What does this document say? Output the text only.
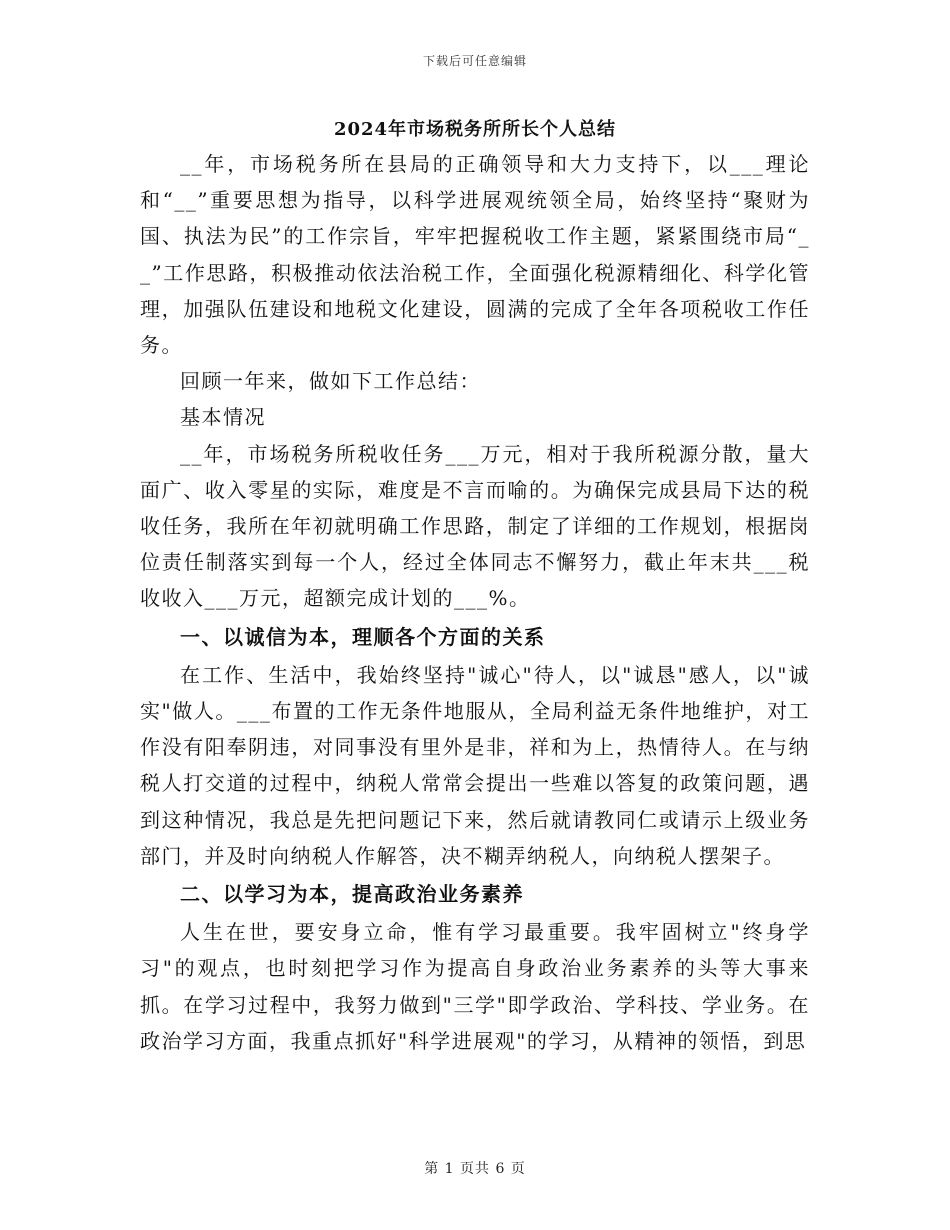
下载后可任意编辑
2024年市场税务所所长个人总结

__年，市场税务所在县局的正确领导和大力支持下，以___理论和“__”重要思想为指导，以科学进展观统领全局，始终坚持“聚财为国、执法为民”的工作宗旨，牢牢把握税收工作主题，紧紧围绕市局“__”工作思路，积极推动依法治税工作，全面强化税源精细化、科学化管理，加强队伍建设和地税文化建设，圆满的完成了全年各项税收工作任务。

回顾一年来，做如下工作总结：

基本情况

__年，市场税务所税收任务___万元，相对于我所税源分散，量大面广、收入零星的实际，难度是不言而喻的。为确保完成县局下达的税收任务，我所在年初就明确工作思路，制定了详细的工作规划，根据岗位责任制落实到每一个人，经过全体同志不懈努力，截止年末共___税收收入___万元，超额完成计划的___%。

一、以诚信为本，理顺各个方面的关系

在工作、生活中，我始终坚持"诚心"待人，以"诚恳"感人，以"诚实"做人。___布置的工作无条件地服从，全局利益无条件地维护，对工作没有阳奉阴违，对同事没有里外是非，祥和为上，热情待人。在与纳税人打交道的过程中，纳税人常常会提出一些难以答复的政策问题，遇到这种情况，我总是先把问题记下来，然后就请教同仁或请示上级业务部门，并及时向纳税人作解答，决不糊弄纳税人，向纳税人摆架子。

二、以学习为本，提高政治业务素养

人生在世，要安身立命，惟有学习最重要。我牢固树立"终身学习"的观点，也时刻把学习作为提高自身政治业务素养的头等大事来抓。在学习过程中，我努力做到"三学"即学政治、学科技、学业务。在政治学习方面，我重点抓好"科学进展观"的学习，从精神的领悟，到思

第 1 页共 6 页
